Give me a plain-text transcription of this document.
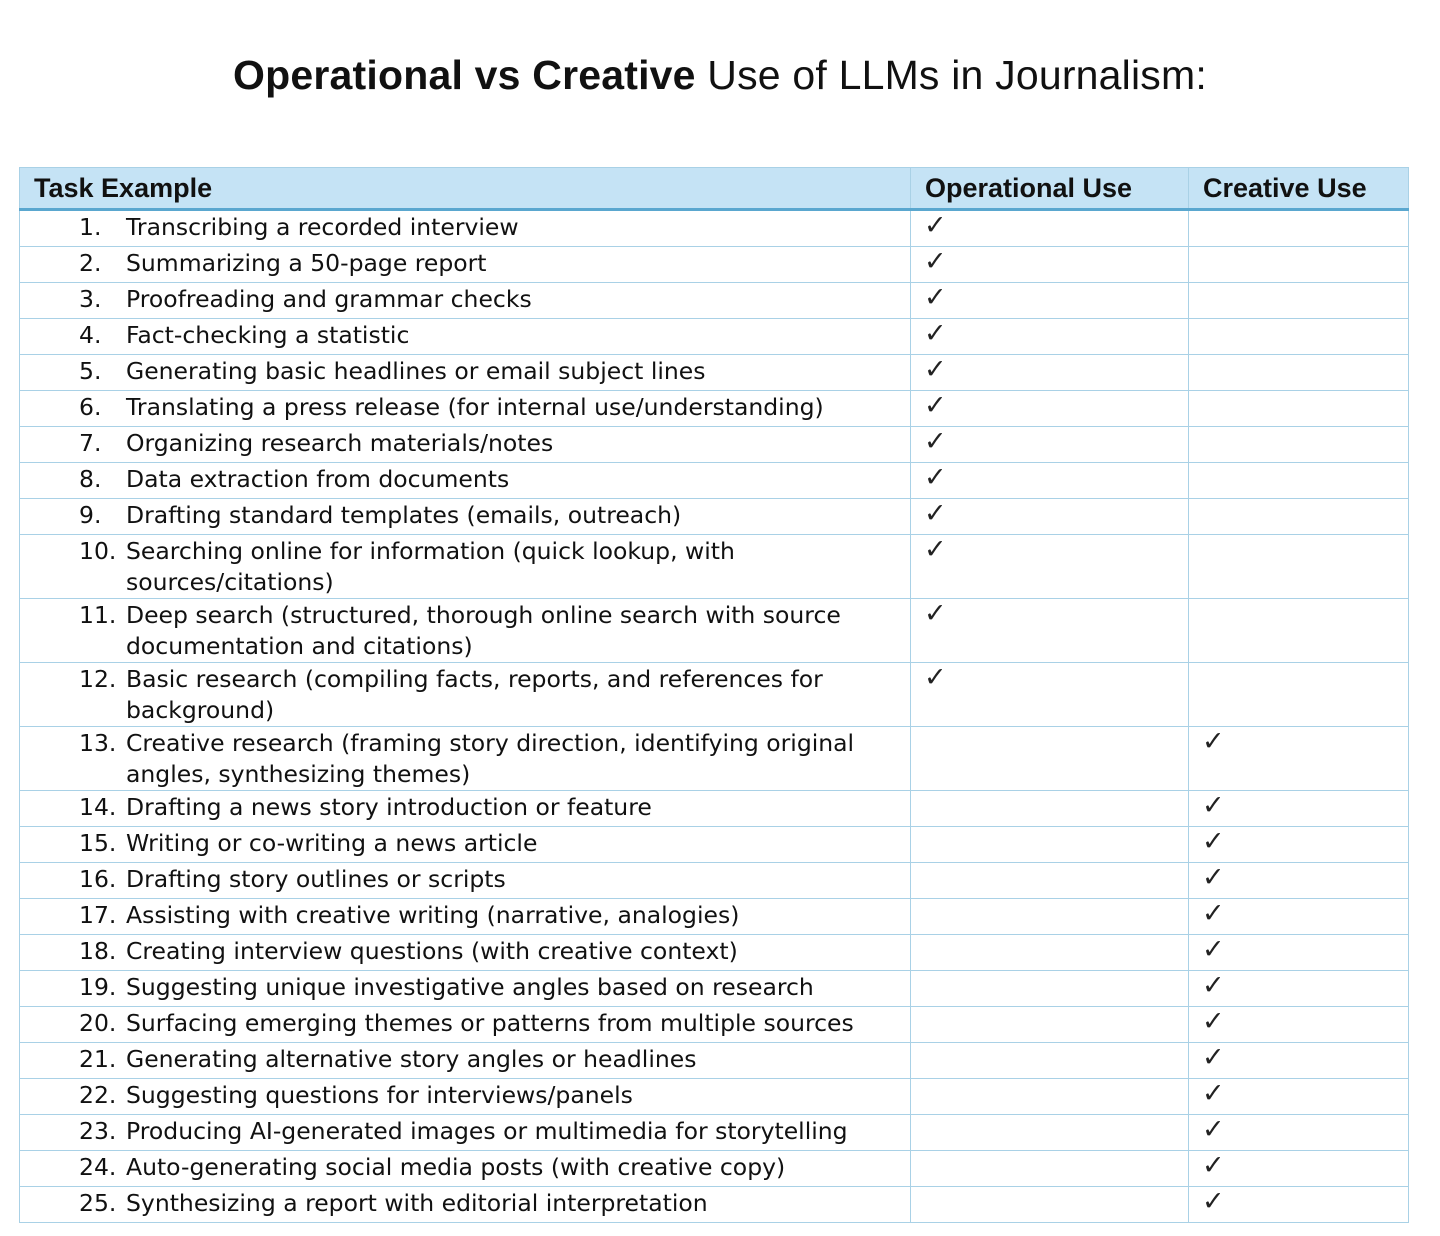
Operational vs Creative Use of LLMs in Journalism:
Task Example	Operational Use	Creative Use

1. Transcribing a recorded interview	✓	

2. Summarizing a 50-page report	✓	

3. Proofreading and grammar checks	✓	

4. Fact-checking a statistic	✓	

5. Generating basic headlines or email subject lines	✓	

6. Translating a press release (for internal use/understanding)	✓	

7. Organizing research materials/notes	✓	

8. Data extraction from documents	✓	

9. Drafting standard templates (emails, outreach)	✓	

10. Searching online for information (quick lookup, with sources/citations)	✓	

11. Deep search (structured, thorough online search with source documentation and citations)	✓	

12. Basic research (compiling facts, reports, and references for background)	✓	

13. Creative research (framing story direction, identifying original angles, synthesizing themes)		✓

14. Drafting a news story introduction or feature		✓

15. Writing or co-writing a news article		✓

16. Drafting story outlines or scripts		✓

17. Assisting with creative writing (narrative, analogies)		✓

18. Creating interview questions (with creative context)		✓

19. Suggesting unique investigative angles based on research		✓

20. Surfacing emerging themes or patterns from multiple sources		✓

21. Generating alternative story angles or headlines		✓

22. Suggesting questions for interviews/panels		✓

23. Producing AI-generated images or multimedia for storytelling		✓

24. Auto-generating social media posts (with creative copy)		✓

25. Synthesizing a report with editorial interpretation		✓
